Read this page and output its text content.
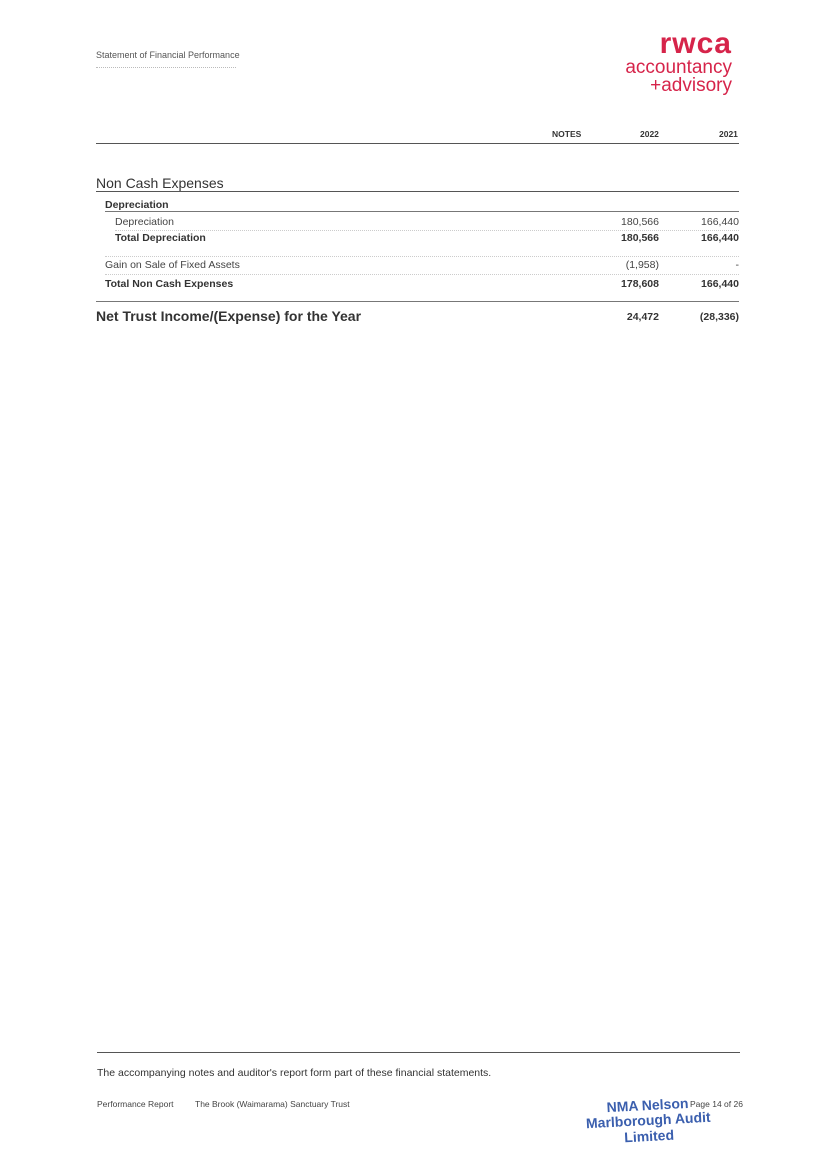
Statement of Financial Performance	rwca
accountancy
+advisory
NOTES	2022	2021
Non Cash Expenses
Depreciation
Depreciation	180,566	166,440
Total Depreciation	180,566	166,440
Gain on Sale of Fixed Assets	(1,958)	-
Total Non Cash Expenses	178,608	166,440
Net Trust Income/(Expense) for the Year	24,472	(28,336)
The accompanying notes and auditor's report form part of these financial statements.
Performance Report	The Brook (Waimarama) Sanctuary Trust	Page 14 of 26
NMA Nelson
Marlborough Audit
Limited
